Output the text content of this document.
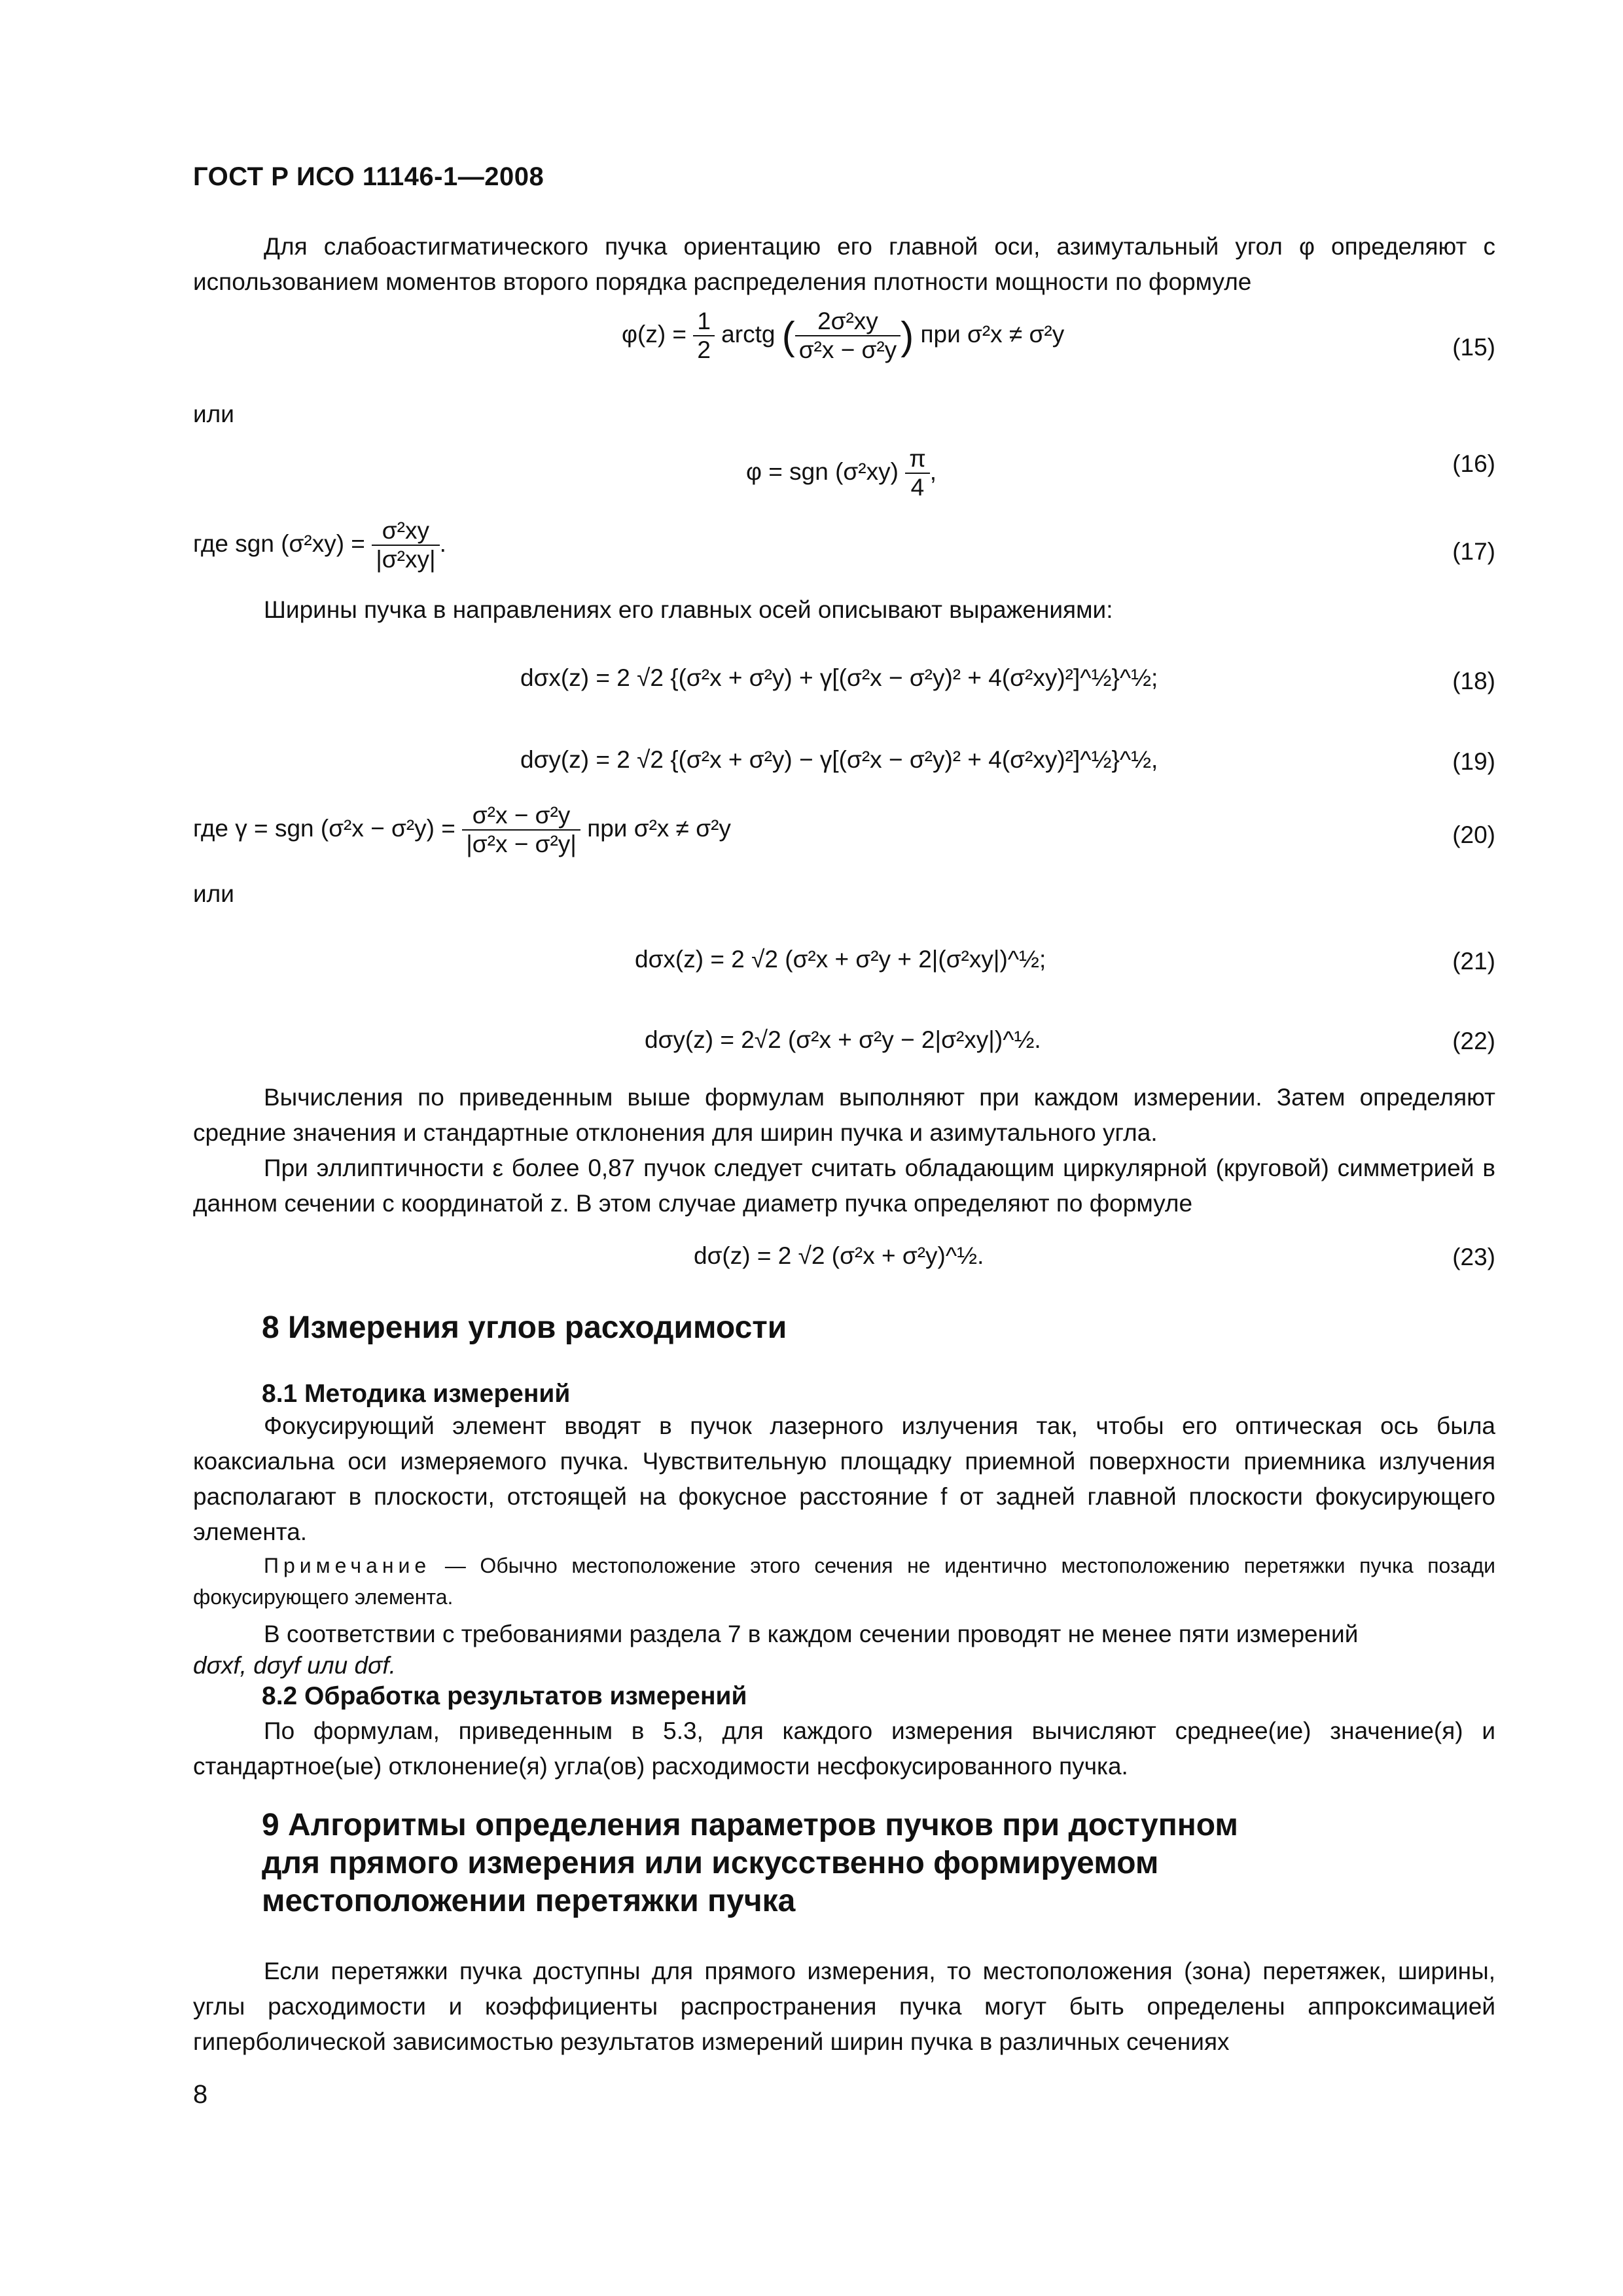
ГОСТ Р ИСО 11146-1—2008
Для слабоастигматического пучка ориентацию его главной оси, азимутальный угол φ определяют с использованием моментов второго порядка распределения плотности мощности по формуле
$\varphi(z) = \frac{1}{2}$ arctg ( $\frac{\text{2σ²xy}}{\text{σ²x − σ²y}}$ ) при σ²x ≠ σ²y	(15)
или
φ = sgn $(\sigma^2xy) \frac{\pi}{4}$ ,	(16)
где sgn $(\sigma^2xy) = \frac{\text{σ²xy}}{\text{|σ²xy|}}$ .	(17)
Ширины пучка в направлениях его главных осей описывают выражениями:
dσx(z) = 2 √2 {(σ²x + σ²y) + γ[(σ²x − σ²y)² + 4(σ²xy)²]^½}^½;	(18)
dσy(z) = 2 √2 {(σ²x + σ²y) − γ[(σ²x − σ²y)² + 4(σ²xy)²]^½}^½,	(19)
где γ = sgn $(\sigma^2x - \sigma^2y) = \frac{\text{σ²x − σ²y}}{\text{|σ²x − σ²y|}}$ при σ²x ≠ σ²y	(20)
или
dσx(z) = 2 √2 (σ²x + σ²y + 2|(σ²xy|)^½;	(21)
dσy(z) = 2√2 (σ²x + σ²y − 2|σ²xy|)^½.	(22)
Вычисления по приведенным выше формулам выполняют при каждом измерении. Затем определяют средние значения и стандартные отклонения для ширин пучка и азимутального угла.
При эллиптичности ε более 0,87 пучок следует считать обладающим циркулярной (круговой) симметрией в данном сечении с координатой z. В этом случае диаметр пучка определяют по формуле
dσ(z) = 2 √2 (σ²x + σ²y)^½.	(23)
8 Измерения углов расходимости
8.1 Методика измерений
Фокусирующий элемент вводят в пучок лазерного излучения так, чтобы его оптическая ось была коаксиальна оси измеряемого пучка. Чувствительную площадку приемной поверхности приемника излучения располагают в плоскости, отстоящей на фокусное расстояние f от задней главной плоскости фокусирующего элемента.
Примечание — Обычно местоположение этого сечения не идентично местоположению перетяжки пучка позади фокусирующего элемента.
В соответствии с требованиями раздела 7 в каждом сечении проводят не менее пяти измерений
dσxf, dσyf или dσf.
8.2 Обработка результатов измерений
По формулам, приведенным в 5.3, для каждого измерения вычисляют среднее(ие) значение(я) и стандартное(ые) отклонение(я) угла(ов) расходимости несфокусированного пучка.
9 Алгоритмы определения параметров пучков при доступном
для прямого измерения или искусственно формируемом
местоположении перетяжки пучка
Если перетяжки пучка доступны для прямого измерения, то местоположения (зона) перетяжек, ширины, углы расходимости и коэффициенты распространения пучка могут быть определены аппроксимацией гиперболической зависимостью результатов измерений ширин пучка в различных сечениях
8
